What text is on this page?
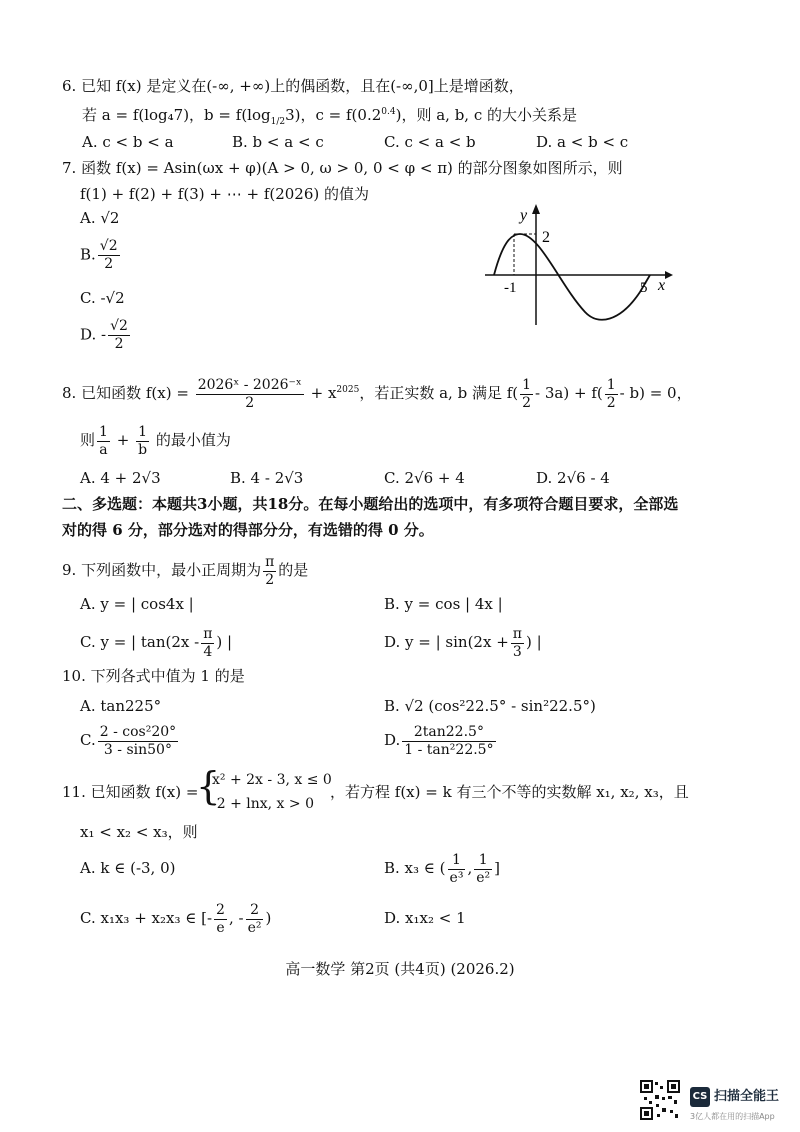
6. 已知 f(x) 是定义在(-∞, +∞)上的偶函数，且在(-∞,0]上是增函数，
若 a = f(log₄7)，$b = f(\log_{1/2}3)$，$c = f(0.2^{0.4})$，则 a, b, c 的大小关系是
A. c < b < a	B. b < a < c	C. c < a < b	D. a < b < c
7. 函数 f(x) = Asin(ωx + φ)(A > 0, ω > 0, 0 < φ < π) 的部分图象如图所示，则
f(1) + f(2) + f(3) + ⋯ + f(2026) 的值为
A. √2
B. $\frac{√2}{2}$
C. -√2
D. - $\frac{√2}{2}$
y
2
-1	5 x
8. 已知函数 $f(x) = \frac{\text{2026ˣ - 2026⁻ˣ}}{2} + x^{2025}$，若正实数 a, b 满足 $f( \frac{1}{2} - 3a) + f( \frac{1}{2} - b) = 0$，
则 $\frac{1}{a} + \frac{1}{b}$ 的最小值为
A. 4 + 2√3	B. 4 - 2√3	C. 2√6 + 4	D. 2√6 - 4
二、多选题：本题共3小题，共18分。在每小题给出的选项中，有多项符合题目要求，全部选
对的得 6 分，部分选对的得部分分，有选错的得 0 分。
9. 下列函数中，最小正周期为 $\frac{\pi}{2}$ 的是
A. y = | cos4x |	B. y = cos | 4x |
C. y = | $\tan(2x - \frac{\pi}{4}$ ) |	D. y = | $\sin(2x + \frac{\pi}{3}$ ) |
10. 下列各式中值为 1 的是
A. tan225°	B. √2 (cos²22.5° - sin²22.5°)
C. $\frac{\text{2 - cos²20°}}{3 - \sin 50^\circ}$	D. $\frac{2\tan 22.5^\circ}{\text{1 - tan²22.5°}}$
11. 已知函数 f(x) =
{
x² + 2x - 3, x ≤ 0
-2 + lnx, x > 0
，若方程 f(x) = k 有三个不等的实数解 x₁, x₂, x₃，且
x₁ < x₂ < x₃，则
A. k ∈ (-3, 0)	B. x₃ ∈ ( $\frac{1}{\text{e³}}$ , $\frac{1}{\text{e²}}$ ]
C. x₁x₃ + x₂x₃ ∈ [- $\frac{2}{e}$ , - $\frac{2}{\text{e²}}$ )	D. x₁x₂ < 1
高一数学 第2页 (共4页) (2026.2)
CS 扫描全能王
3亿人都在用的扫描App
